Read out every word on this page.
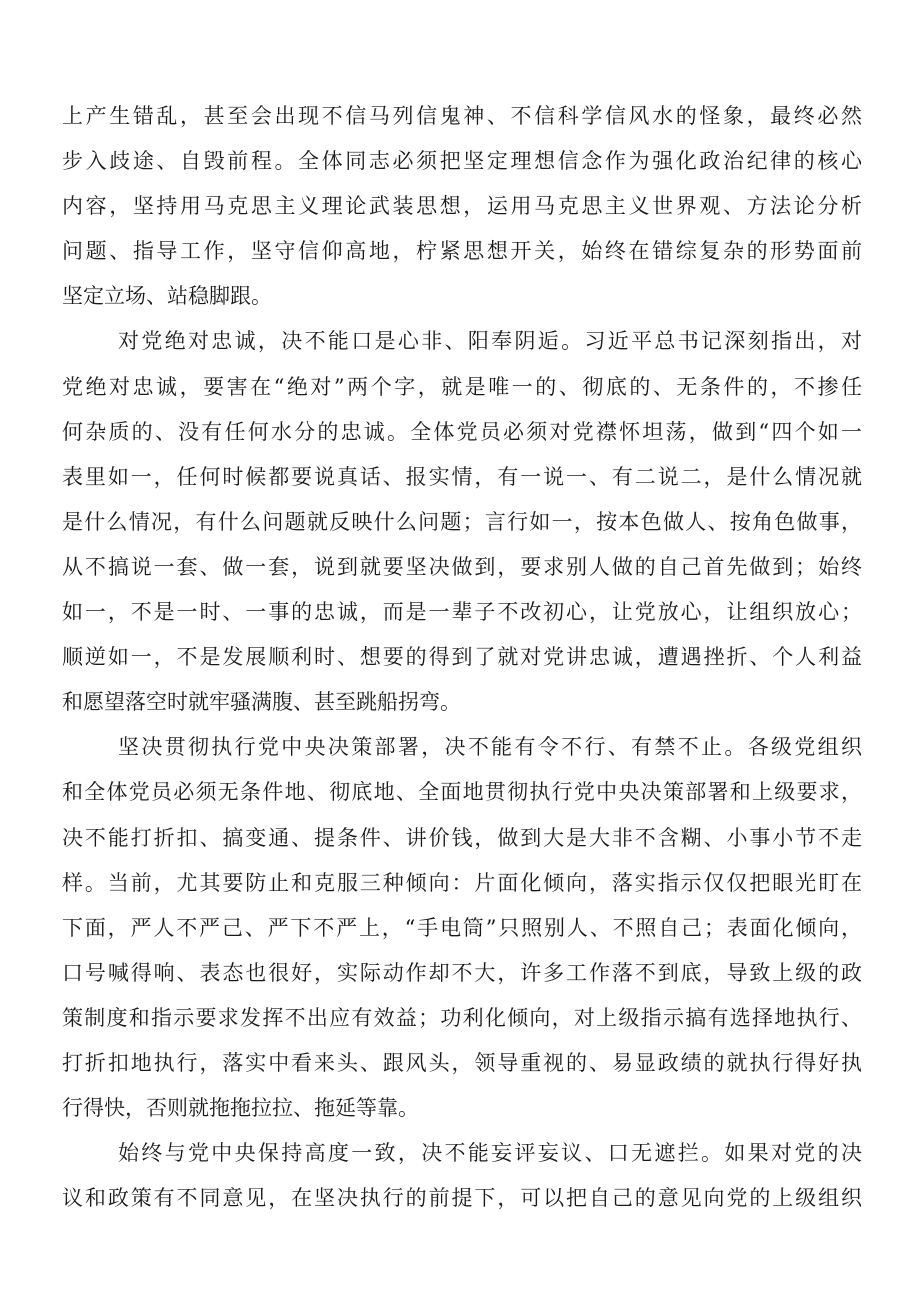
上产生错乱，甚至会出现不信马列信鬼神、不信科学信风水的怪象，最终必然
步入歧途、自毁前程。全体同志必须把坚定理想信念作为强化政治纪律的核心
内容，坚持用马克思主义理论武装思想，运用马克思主义世界观、方法论分析
问题、指导工作，坚守信仰高地，柠紧思想开关，始终在错综复杂的形势面前
坚定立场、站稳脚跟。
对党绝对忠诚，决不能口是心非、阳奉阴逅。习近平总书记深刻指出，对
党绝对忠诚，要害在“绝对”两个字，就是唯一的、彻底的、无条件的，不掺任
何杂质的、没有任何水分的忠诚。全体党员必须对党襟怀坦荡，做到“四个如一
表里如一，任何时候都要说真话、报实情，有一说一、有二说二，是什么情况就
是什么情况，有什么问题就反映什么问题；言行如一，按本色做人、按角色做事，
从不搞说一套、做一套，说到就要坚决做到，要求别人做的自己首先做到；始终
如一，不是一时、一事的忠诚，而是一辈子不改初心，让党放心，让组织放心；
顺逆如一，不是发展顺利时、想要的得到了就对党讲忠诚，遭遇挫折、个人利益
和愿望落空时就牢骚满腹、甚至跳船拐弯。
坚决贯彻执行党中央决策部署，决不能有令不行、有禁不止。各级党组织
和全体党员必须无条件地、彻底地、全面地贯彻执行党中央决策部署和上级要求，
决不能打折扣、搞变通、提条件、讲价钱，做到大是大非不含糊、小事小节不走
样。当前，尤其要防止和克服三种倾向：片面化倾向，落实指示仅仅把眼光盯在
下面，严人不严己、严下不严上，“手电筒”只照别人、不照自己；表面化倾向，
口号喊得响、表态也很好，实际动作却不大，许多工作落不到底，导致上级的政
策制度和指示要求发挥不出应有效益；功利化倾向，对上级指示搞有选择地执行、
打折扣地执行，落实中看来头、跟风头，领导重视的、易显政绩的就执行得好执
行得快，否则就拖拖拉拉、拖延等靠。
始终与党中央保持高度一致，决不能妄评妄议、口无遮拦。如果对党的决
议和政策有不同意见，在坚决执行的前提下，可以把自己的意见向党的上级组织
